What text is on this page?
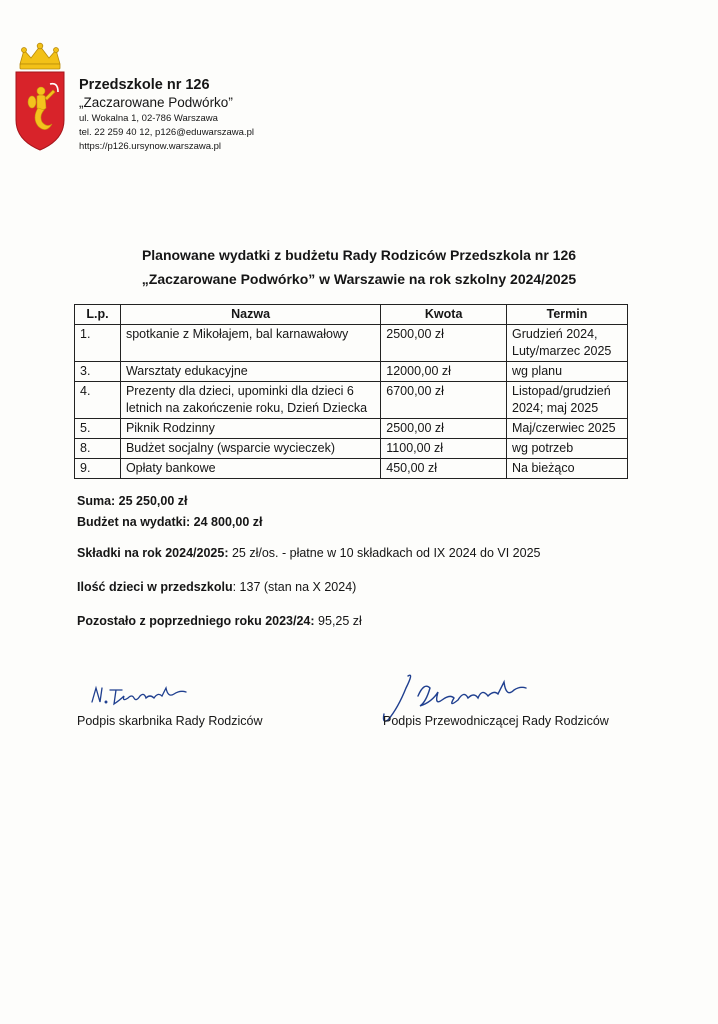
Przedszkole nr 126
„Zaczarowane Podwórko”
ul. Wokalna 1, 02-786 Warszawa
tel. 22 259 40 12, p126@eduwarszawa.pl
https://p126.ursynow.warszawa.pl
Planowane wydatki z budżetu Rady Rodziców Przedszkola nr 126
„Zaczarowane Podwórko” w Warszawie na rok szkolny 2024/2025
L.p.	Nazwa	Kwota	Termin
1.	spotkanie z Mikołajem, bal karnawałowy	2500,00 zł	Grudzień 2024, Luty/marzec 2025
3.	Warsztaty edukacyjne	12000,00 zł	wg planu
4.	Prezenty dla dzieci, upominki dla dzieci 6 letnich na zakończenie roku, Dzień Dziecka	6700,00 zł	Listopad/grudzień 2024; maj 2025
5.	Piknik Rodzinny	2500,00 zł	Maj/czerwiec 2025
8.	Budżet socjalny (wsparcie wycieczek)	1100,00 zł	wg potrzeb
9.	Opłaty bankowe	450,00 zł	Na bieżąco
Suma: 25 250,00 zł
Budżet na wydatki: 24 800,00 zł
Składki na rok 2024/2025: 25 zł/os. - płatne w 10 składkach od IX 2024 do VI 2025
Ilość dzieci w przedszkolu: 137 (stan na X 2024)
Pozostało z poprzedniego roku 2023/24: 95,25 zł
Podpis skarbnika Rady Rodziców	Podpis Przewodniczącej Rady Rodziców
